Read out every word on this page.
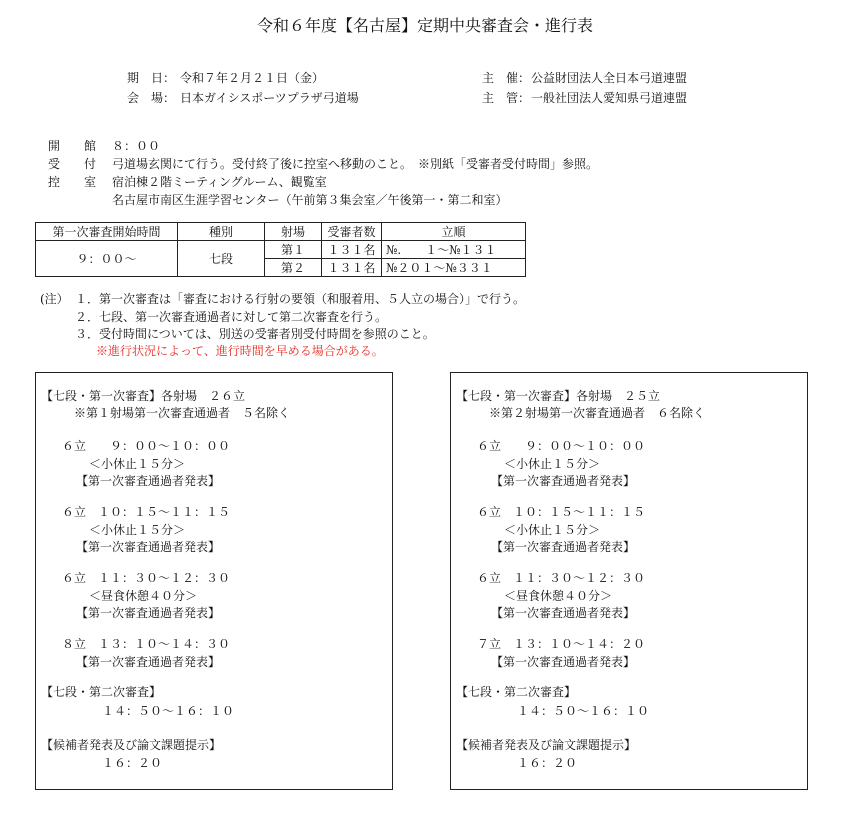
令和６年度【名古屋】定期中央審査会・進行表
期　日： 令和７年２月２１日（金）
会　場： 日本ガイシスポーツプラザ弓道場
主　催： 公益財団法人全日本弓道連盟
主　管： 一般社団法人愛知県弓道連盟
開　　館 ８：００
受　　付 弓道場玄関にて行う。受付終了後に控室へ移動のこと。　※別紙「受審者受付時間」参照。
控　　室 宿泊棟２階ミーティングルーム、観覧室
名古屋市南区生涯学習センター（午前第３集会室／午後第一・第二和室）
第一次審査開始時間	種別	射場	受審者数	立順
９：００～	七段	第１	１３１名	№.　　１～№１３１
		第２	１３１名	№２０１～№３３１
(注） １．第一次審査は「審査における行射の要領（和服着用、５人立の場合）」で行う。
２．七段、第一次審査通過者に対して第二次審査を行う。
３．受付時間については、別送の受審者別受付時間を参照のこと。
※進行状況によって、進行時間を早める場合がある。
【七段・第一次審査】各射場　２６立
※第１射場第一次審査通過者　５名除く
６立　　９：００～１０：００
＜小休止１５分＞
【第一次審査通過者発表】
６立　１０：１５～１１：１５
＜小休止１５分＞
【第一次審査通過者発表】
６立　１１：３０～１２：３０
＜昼食休憩４０分＞
【第一次審査通過者発表】
８立　１３：１０～１４：３０
【第一次審査通過者発表】
【七段・第二次審査】
１４：５０～１６：１０
【候補者発表及び論文課題提示】
１６：２０
【七段・第一次審査】各射場　２５立
※第２射場第一次審査通過者　６名除く
６立　　９：００～１０：００
＜小休止１５分＞
【第一次審査通過者発表】
６立　１０：１５～１１：１５
＜小休止１５分＞
【第一次審査通過者発表】
６立　１１：３０～１２：３０
＜昼食休憩４０分＞
【第一次審査通過者発表】
７立　１３：１０～１４：２０
【第一次審査通過者発表】
【七段・第二次審査】
１４：５０～１６：１０
【候補者発表及び論文課題提示】
１６：２０
